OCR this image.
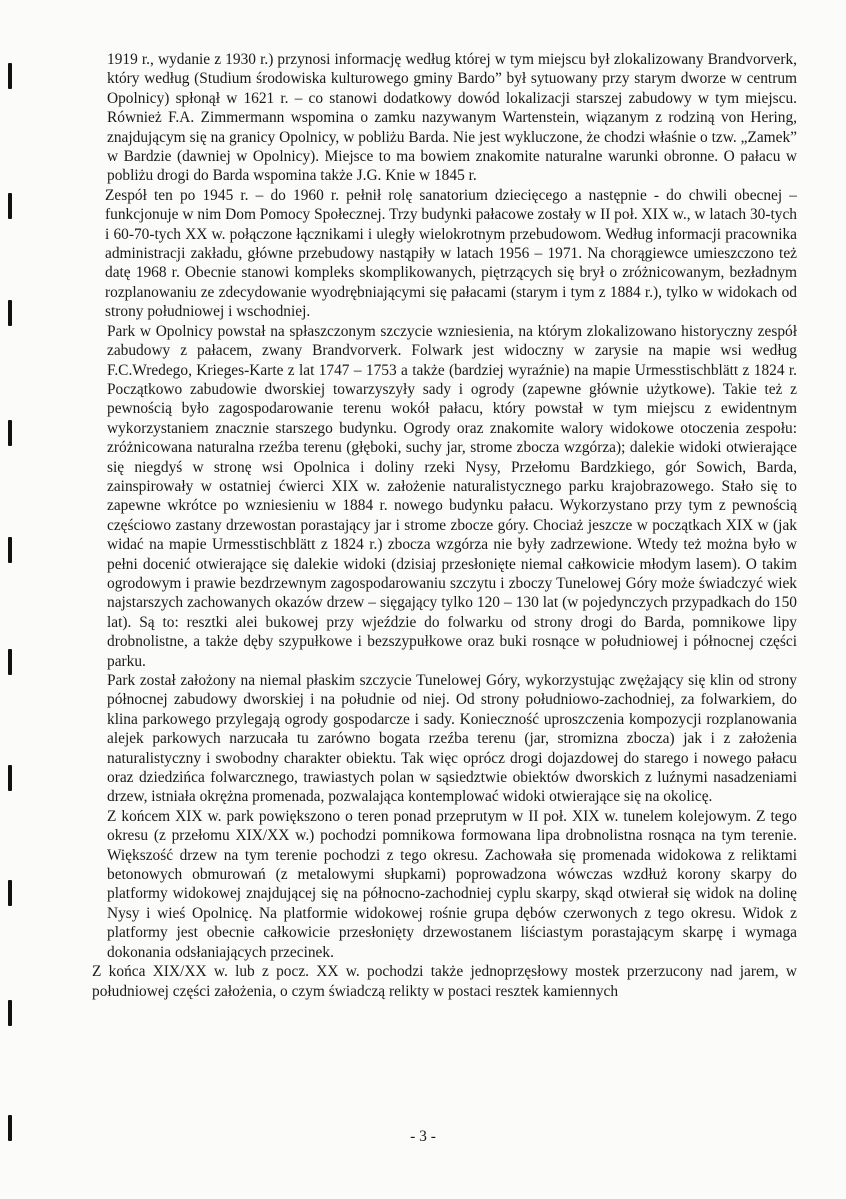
1919 r., wydanie z 1930 r.) przynosi informację według której w tym miejscu był zlokalizowany Brandvorverk, który według (Studium środowiska kulturowego gminy Bardo” był sytuowany przy starym dworze w centrum Opolnicy) spłonął w 1621 r. – co stanowi dodatkowy dowód lokalizacji starszej zabudowy w tym miejscu. Również F.A. Zimmermann wspomina o zamku nazywanym Wartenstein, wiązanym z rodziną von Hering, znajdującym się na granicy Opolnicy, w pobliżu Barda. Nie jest wykluczone, że chodzi właśnie o tzw. „Zamek” w Bardzie (dawniej w Opolnicy). Miejsce to ma bowiem znakomite naturalne warunki obronne. O pałacu w pobliżu drogi do Barda wspomina także J.G. Knie w 1845 r.

Zespół ten po 1945 r. – do 1960 r. pełnił rolę sanatorium dziecięcego a następnie - do chwili obecnej – funkcjonuje w nim Dom Pomocy Społecznej. Trzy budynki pałacowe zostały w II poł. XIX w., w latach 30-tych i 60-70-tych XX w. połączone łącznikami i uległy wielokrotnym przebudowom. Według informacji pracownika administracji zakładu, główne przebudowy nastąpiły w latach 1956 – 1971. Na chorągiewce umieszczono też datę 1968 r. Obecnie stanowi kompleks skomplikowanych, piętrzących się brył o zróżnicowanym, bezładnym rozplanowaniu ze zdecydowanie wyodrębniającymi się pałacami (starym i tym z 1884 r.), tylko w widokach od strony południowej i wschodniej.

Park w Opolnicy powstał na spłaszczonym szczycie wzniesienia, na którym zlokalizowano historyczny zespół zabudowy z pałacem, zwany Brandvorverk. Folwark jest widoczny w zarysie na mapie wsi według F.C.Wredego, Krieges-Karte z lat 1747 – 1753 a także (bardziej wyraźnie) na mapie Urmesstischblätt z 1824 r. Początkowo zabudowie dworskiej towarzyszyły sady i ogrody (zapewne głównie użytkowe). Takie też z pewnością było zagospodarowanie terenu wokół pałacu, który powstał w tym miejscu z ewidentnym wykorzystaniem znacznie starszego budynku. Ogrody oraz znakomite walory widokowe otoczenia zespołu: zróżnicowana naturalna rzeźba terenu (głęboki, suchy jar, strome zbocza wzgórza); dalekie widoki otwierające się niegdyś w stronę wsi Opolnica i doliny rzeki Nysy, Przełomu Bardzkiego, gór Sowich, Barda, zainspirowały w ostatniej ćwierci XIX w. założenie naturalistycznego parku krajobrazowego. Stało się to zapewne wkrótce po wzniesieniu w 1884 r. nowego budynku pałacu. Wykorzystano przy tym z pewnością częściowo zastany drzewostan porastający jar i strome zbocze góry. Chociaż jeszcze w początkach XIX w (jak widać na mapie Urmesstischblätt z 1824 r.) zbocza wzgórza nie były zadrzewione. Wtedy też można było w pełni docenić otwierające się dalekie widoki (dzisiaj przesłonięte niemal całkowicie młodym lasem). O takim ogrodowym i prawie bezdrzewnym zagospodarowaniu szczytu i zboczy Tunelowej Góry może świadczyć wiek najstarszych zachowanych okazów drzew – sięgający tylko 120 – 130 lat (w pojedynczych przypadkach do 150 lat). Są to: resztki alei bukowej przy wjeździe do folwarku od strony drogi do Barda, pomnikowe lipy drobnolistne, a także dęby szypułkowe i bezszypułkowe oraz buki rosnące w południowej i północnej części parku.

Park został założony na niemal płaskim szczycie Tunelowej Góry, wykorzystując zwężający się klin od strony północnej zabudowy dworskiej i na południe od niej. Od strony południowo-zachodniej, za folwarkiem, do klina parkowego przylegają ogrody gospodarcze i sady. Konieczność uproszczenia kompozycji rozplanowania alejek parkowych narzucała tu zarówno bogata rzeźba terenu (jar, stromizna zbocza) jak i z założenia naturalistyczny i swobodny charakter obiektu. Tak więc oprócz drogi dojazdowej do starego i nowego pałacu oraz dziedzińca folwarcznego, trawiastych polan w sąsiedztwie obiektów dworskich z luźnymi nasadzeniami drzew, istniała okrężna promenada, pozwalająca kontemplować widoki otwierające się na okolicę.

Z końcem XIX w. park powiększono o teren ponad przeprutym w II poł. XIX w. tunelem kolejowym. Z tego okresu (z przełomu XIX/XX w.) pochodzi pomnikowa formowana lipa drobnolistna rosnąca na tym terenie. Większość drzew na tym terenie pochodzi z tego okresu. Zachowała się promenada widokowa z reliktami betonowych obmurowań (z metalowymi słupkami) poprowadzona wówczas wzdłuż korony skarpy do platformy widokowej znajdującej się na północno-zachodniej cyplu skarpy, skąd otwierał się widok na dolinę Nysy i wieś Opolnicę. Na platformie widokowej rośnie grupa dębów czerwonych z tego okresu. Widok z platformy jest obecnie całkowicie przesłonięty drzewostanem liściastym porastającym skarpę i wymaga dokonania odsłaniających przecinek.

Z końca XIX/XX w. lub z pocz. XX w. pochodzi także jednoprzęsłowy mostek przerzucony nad jarem, w południowej części założenia, o czym świadczą relikty w postaci resztek kamiennych

- 3 -
